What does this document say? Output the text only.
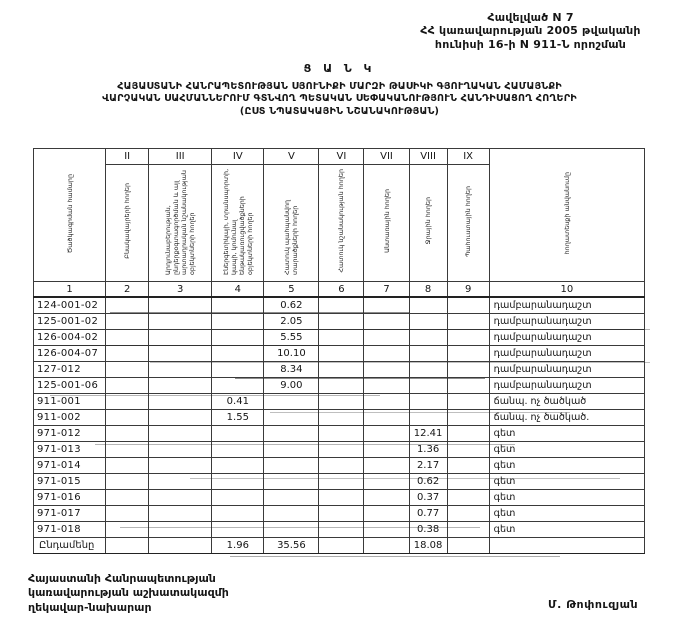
Հավելված N 7
ՀՀ կառավարության 2005 թվականի
հունիսի 16-ի N 911-Ն որոշման
Ց Ա Ն Կ
ՀԱՅԱՍՏԱՆԻ ՀԱՆՐԱՊԵՏՈՒԹՅԱՆ ՍՅՈՒՆԻՔԻ ՄԱՐԶԻ ԹԱՍԻԿԻ ԳՅՈՒՂԱԿԱՆ ՀԱՄԱՅՆՔԻ
ՎԱՐՉԱԿԱՆ ՍԱՀՄԱՆՆԵՐՈՒՄ ԳՏՆՎՈՂ ՊԵՏԱԿԱՆ ՍԵՓԱԿԱՆՈՒԹՅՈՒՆ ՀԱՆԴԻՍԱՑՈՂ ՀՈՂԵՐԻ
(ԸՍՏ ՆՊԱՏԱԿԱՅԻՆ ՆՇԱՆԱԿՈՒԹՅԱՆ)
Ծածկագրման համարը	II	III	IV	V	VI	VII	VIII	IX	հողատեսքի անվանումը
	Բնակավայրերի հողեր	Արդյունաբերության, ընդերքօգտագործման և այլ արտադրական նշանակության օբյեկտների հողեր	Էներգետիկայի, տրանսպորտի, կապի, կոմունալ ենթակառուցվածքների օբյեկտների հողեր	Հատուկ պահպանվող տարածքների հողեր	Հատուկ նշանակության հողեր	Անտառային հողեր	Ջրային հողեր	Պահուստային հողեր	
1	2	3	4	5	6	7	8	9	10
124-001-02				0.62					դամբարանադաշտ
125-001-02				2.05					դամբարանադաշտ
126-004-02				5.55					դամբարանադաշտ
126-004-07				10.10					դամբարանադաշտ
127-012				8.34					դամբարանադաշտ
125-001-06				9.00					դամբարանադաշտ
911-001			0.41						ճանպ. ոչ ծածկած
911-002			1.55						ճանպ. ոչ ծածկած.
971-012							12.41		գետ
971-013							1.36		գետ
971-014							2.17		գետ
971-015							0.62		գետ
971-016							0.37		գետ
971-017							0.77		գետ
971-018							0.38		գետ
Ընդամենը			1.96	35.56			18.08		
Հայաստանի Հանրապետության
կառավարության աշխատակազմի
ղեկավար-նախարար	Մ. Թոփուզյան
